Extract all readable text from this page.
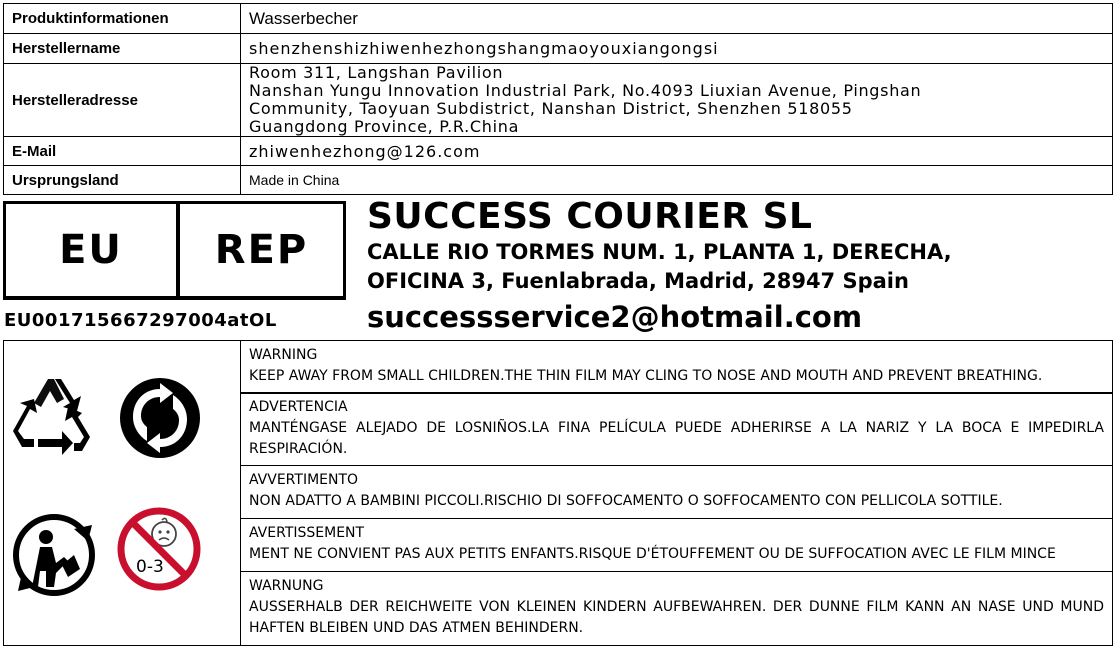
Produktinformationen	Wasserbecher
Herstellername	shenzhenshizhiwenhezhongshangmaoyouxiangongsi
Herstelleradresse	Room 311, Langshan Pavilion
Nanshan Yungu Innovation Industrial Park, No.4093 Liuxian Avenue, Pingshan
Community, Taoyuan Subdistrict, Nanshan District, Shenzhen 518055
Guangdong Province, P.R.China

E-Mail	zhiwenhezhong@126.com
Ursprungsland	Made in China
EU	REP
EU001715667297004atOL
SUCCESS COURIER SL
CALLE RIO TORMES NUM. 1, PLANTA 1, DERECHA,
OFICINA 3, Fuenlabrada, Madrid, 28947 Spain
successservice2@hotmail.com
0-3
WARNING
KEEP AWAY FROM SMALL CHILDREN.THE THIN FILM MAY CLING TO NOSE AND MOUTH AND PREVENT BREATHING.
ADVERTENCIA
MANTÉNGASE ALEJADO DE LOSNIÑOS.LA FINA PELÍCULA PUEDE ADHERIRSE A LA NARIZ Y LA BOCA E IMPEDIRLA RESPIRACIÓN.
AVVERTIMENTO
NON ADATTO A BAMBINI PICCOLI.RISCHIO DI SOFFOCAMENTO O SOFFOCAMENTO CON PELLICOLA SOTTILE.
AVERTISSEMENT
MENT NE CONVIENT PAS AUX PETITS ENFANTS.RISQUE D'ÉTOUFFEMENT OU DE SUFFOCATION AVEC LE FILM MINCE
WARNUNG
AUSSERHALB DER REICHWEITE VON KLEINEN KINDERN AUFBEWAHREN. DER DUNNE FILM KANN AN NASE UND MUND HAFTEN BLEIBEN UND DAS ATMEN BEHINDERN.
